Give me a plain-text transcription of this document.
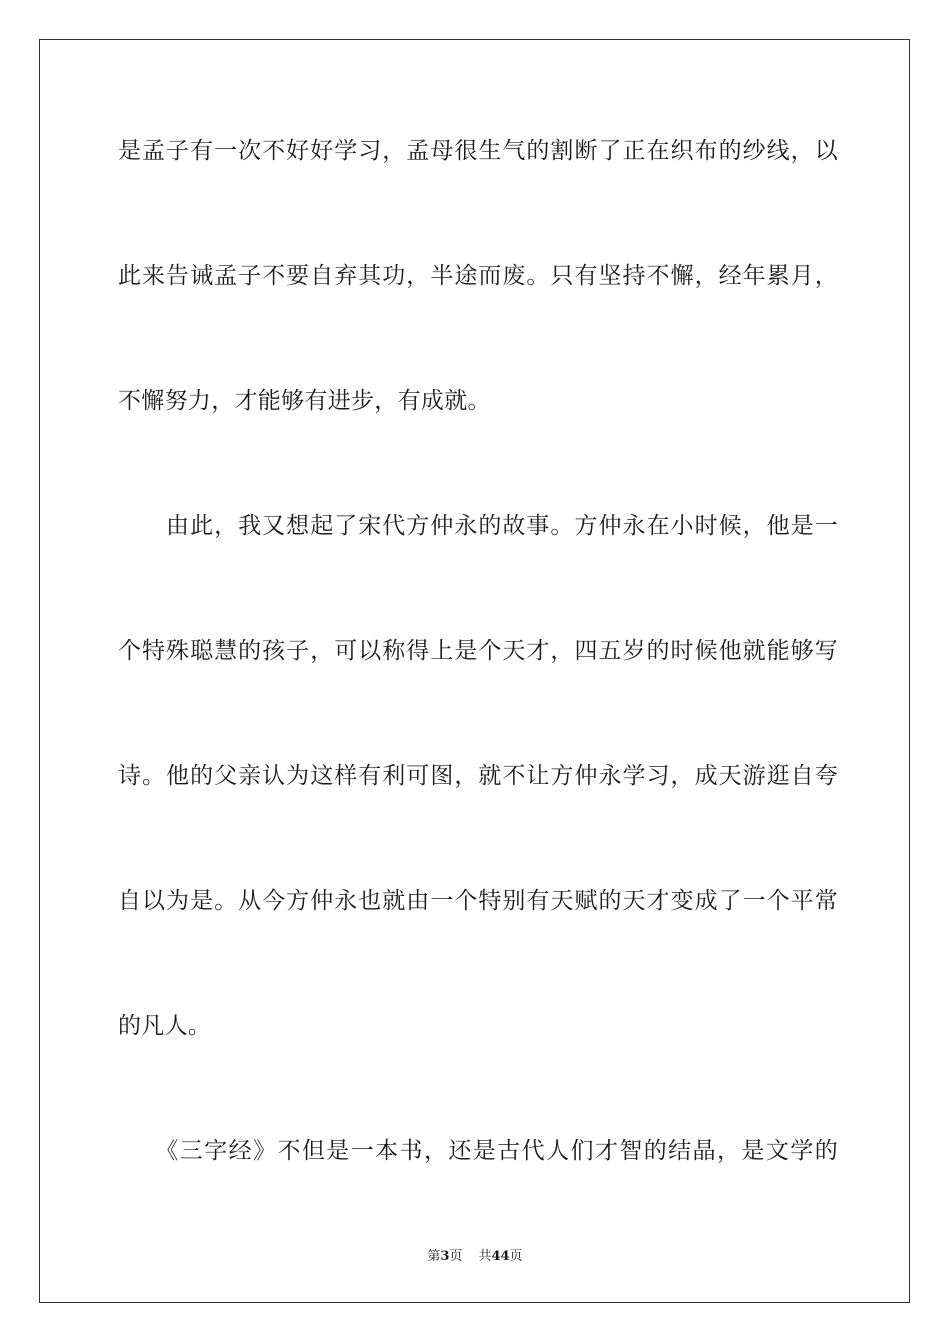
是孟子有一次不好好学习，孟母很生气的割断了正在织布的纱线，以
此来告诫孟子不要自弃其功，半途而废。只有坚持不懈，经年累月，
不懈努力，才能够有进步，有成就。
　　由此，我又想起了宋代方仲永的故事。方仲永在小时候，他是一
个特殊聪慧的孩子，可以称得上是个天才，四五岁的时候他就能够写
诗。他的父亲认为这样有利可图，就不让方仲永学习，成天游逛自夸
自以为是。从今方仲永也就由一个特别有天赋的天才变成了一个平常
的凡人。
　　《三字经》不但是一本书，还是古代人们才智的结晶，是文学的
第3页 共44页
